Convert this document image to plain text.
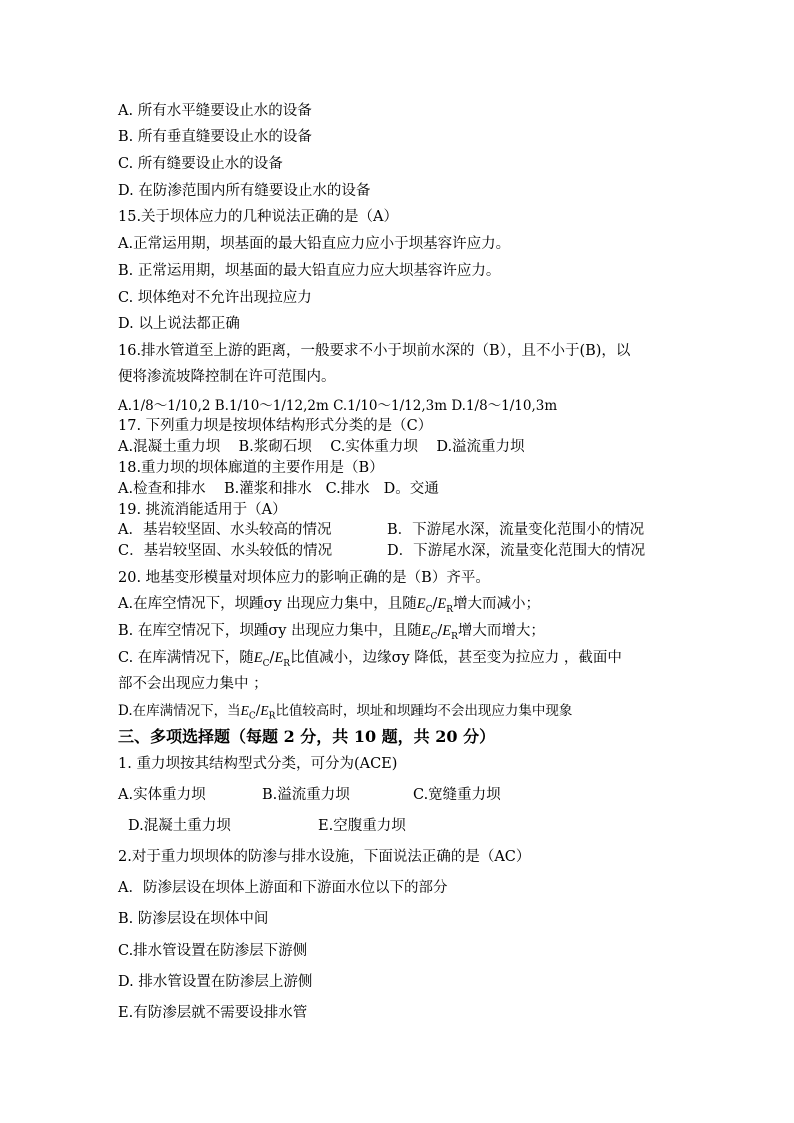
A. 所有水平缝要设止水的设备
B. 所有垂直缝要设止水的设备
C. 所有缝要设止水的设备
D. 在防渗范围内所有缝要设止水的设备
15.关于坝体应力的几种说法正确的是（A）
A.正常运用期，坝基面的最大铅直应力应小于坝基容许应力。
B. 正常运用期，坝基面的最大铅直应力应大坝基容许应力。
C. 坝体绝对不允许出现拉应力
D. 以上说法都正确
16.排水管道至上游的距离，一般要求不小于坝前水深的（B），且不小于(B)，以
便将渗流坡降控制在许可范围内。
A.1/8～1/10,2 B.1/10～1/12,2m C.1/10～1/12,3m D.1/8～1/10,3m
17. 下列重力坝是按坝体结构形式分类的是（C）
A.混凝土重力坝    B.浆砌石坝    C.实体重力坝    D.溢流重力坝
18.重力坝的坝体廊道的主要作用是（B）
A.检查和排水    B.灌浆和排水   C.排水   D。交通
19. 挑流消能适用于（A）
A．基岩较坚固、水头较高的情况	B．下游尾水深，流量变化范围小的情况
C．基岩较坚固、水头较低的情况	D．下游尾水深，流量变化范围大的情况
20. 地基变形模量对坝体应力的影响正确的是（B）齐平。
A.在库空情况下，坝踵σy 出现应力集中，且随$E_C/E_R$增大而减小；
B. 在库空情况下，坝踵σy 出现应力集中，且随$E_C/E_R$增大而增大；
C. 在库满情况下，随$E_C/E_R$比值减小，边缘σy 降低，甚至变为拉应力 ，截面中
部不会出现应力集中 ；
D.在库满情况下，当$E_C/E_R$比值较高时，坝址和坝踵均不会出现应力集中现象
三、多项选择题（每题 2 分，共 10 题，共 20 分）
1. 重力坝按其结构型式分类，可分为(ACE)
A.实体重力坝	B.溢流重力坝	C.宽缝重力坝
D.混凝土重力坝	E.空腹重力坝
2.对于重力坝坝体的防渗与排水设施，下面说法正确的是（AC）
A．防渗层设在坝体上游面和下游面水位以下的部分
B. 防渗层设在坝体中间
C.排水管设置在防渗层下游侧
D. 排水管设置在防渗层上游侧
E.有防渗层就不需要设排水管
